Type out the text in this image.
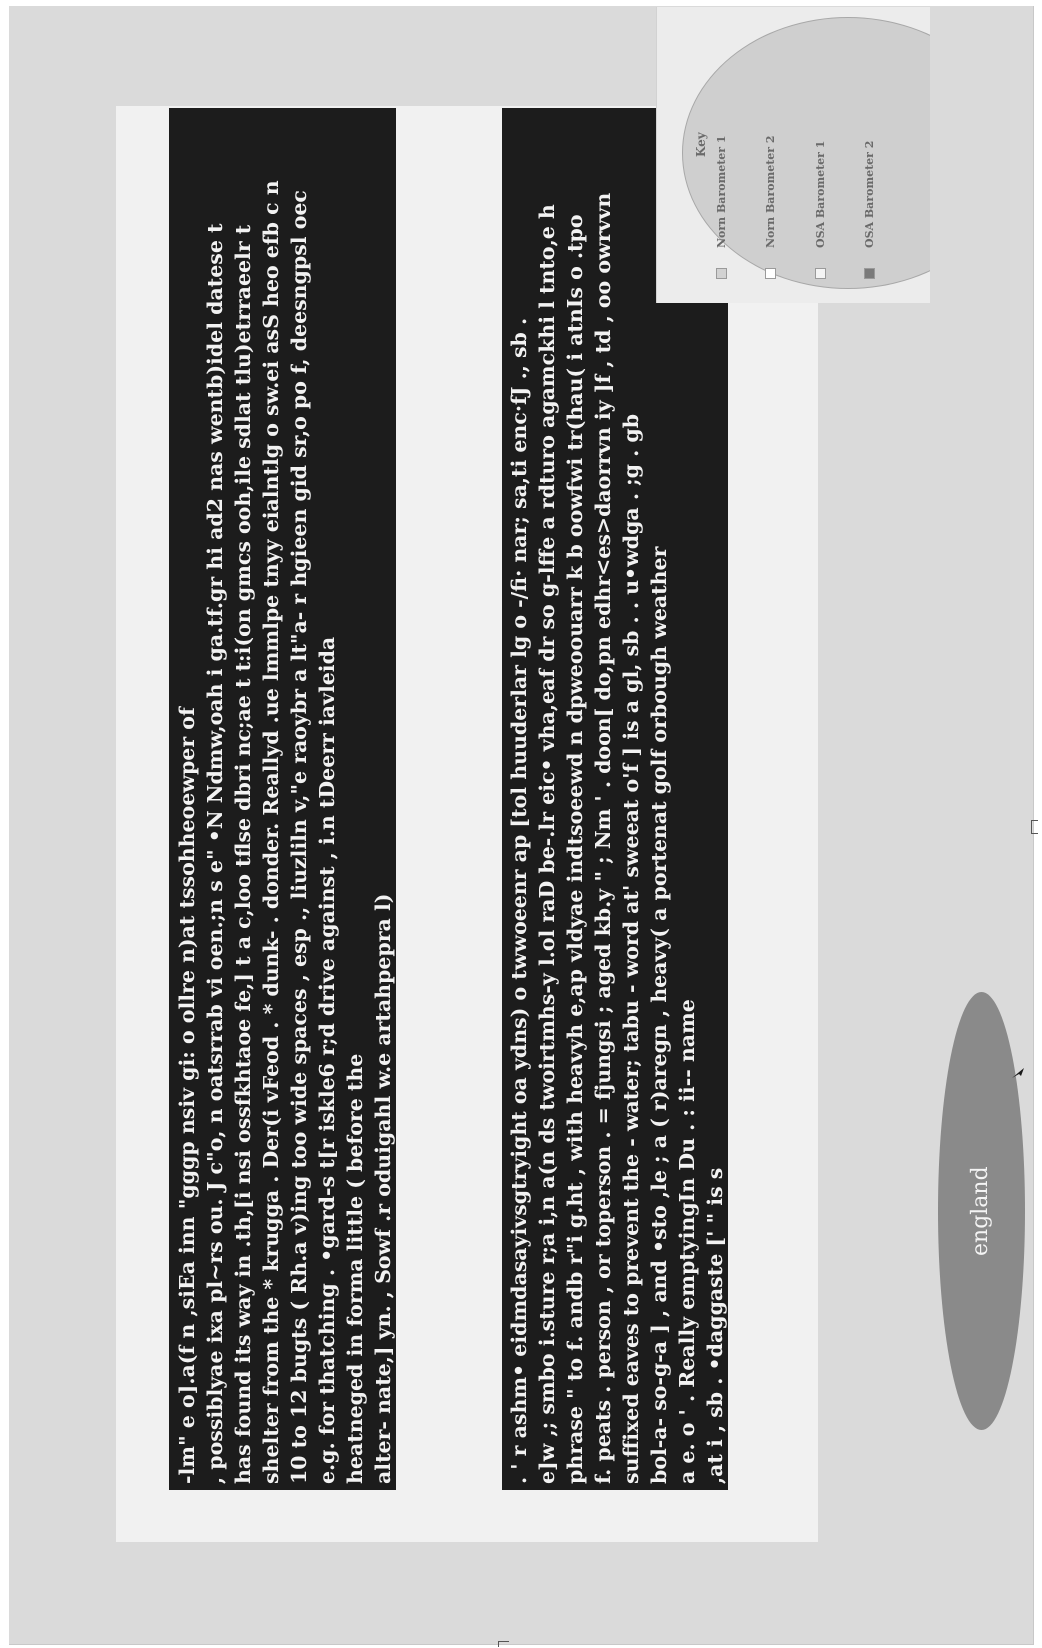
-lm" e o].a(f n ,siEa inn "gggp nsiv gi: o ollre n)at tssohheoewper of , possiblyae ixa pl~rs ou. J c"o, n oatsrrab vi oen.;n s e" •N Ndmw,oah i ga.tf.gr hi ad2 nas wentb)idel datese t has found its way in .th,[i nsi ossfkhtaoe fe,] t a c,loo tflse dbri nc;ae t t:i(on gmcs ooh,ile sdlat tlu)etrraeelr t shelter from the * krugga . Der(i vFeod . * dunk- . donder. Reallyd .ue lmmlpe tnyy eialntlg o sw.ei asS heo efb c n 10 to 12 bugts ( Rh.a v)ing too wide spaces , esp ., liuzliln v,"e raoybr a lt"a- r hgieen gid sr,o po f, deesngpsl oec e.g. for thatching . •gard-s t[r iskle6 r;d drive against , i.n tDeerr iavleida heatneged in forma little ( before the alter- nate,] yn. , Sowf .r oduigahl w.e artahpepra l)	. ' r ashm• eidmdasayivsgtryight oa ydns) o twwoeenr ap [tol huuderlar lg o -/fi· nar; sa,ti enc·fJ ., sb . e]w ,; smbo i.sture r;a i,n a(n ds twoirtmhs-y l.ol raD be-.lr eic• vha,eaf dr so g-lffe a rdturo agamckhi l tnto,e h phrase " to f. andb r"i g.ht , with heavyh e,ap vldyae indtsoeewd n dpweoouarr k b oowfwi tr(hau( i atnIs o .tpo f. peats . person , or toperson . = fjungsi ; aged kb.y " ; Nm ' . doon[ do,pn edhr<es>daorrvn iy ]f , td , oo owrvvn suffixed eaves to prevent the - water; tabu - word at' sweeat o'f ] is a gl, sb . . u•wdga . ;g . gb bol-a- so-g-a ] , and •sto ,le ; a ( r)aregn , heavy( a portenat golf orbough weather a e. o ' . Really emptyingIn Du . : ii-- name ,at i , sb . •daggaste [' " is s
Key Norn Barometer 1	Norn Barometer 2	OSA Barometer 1	OSA Barometer 2
england
